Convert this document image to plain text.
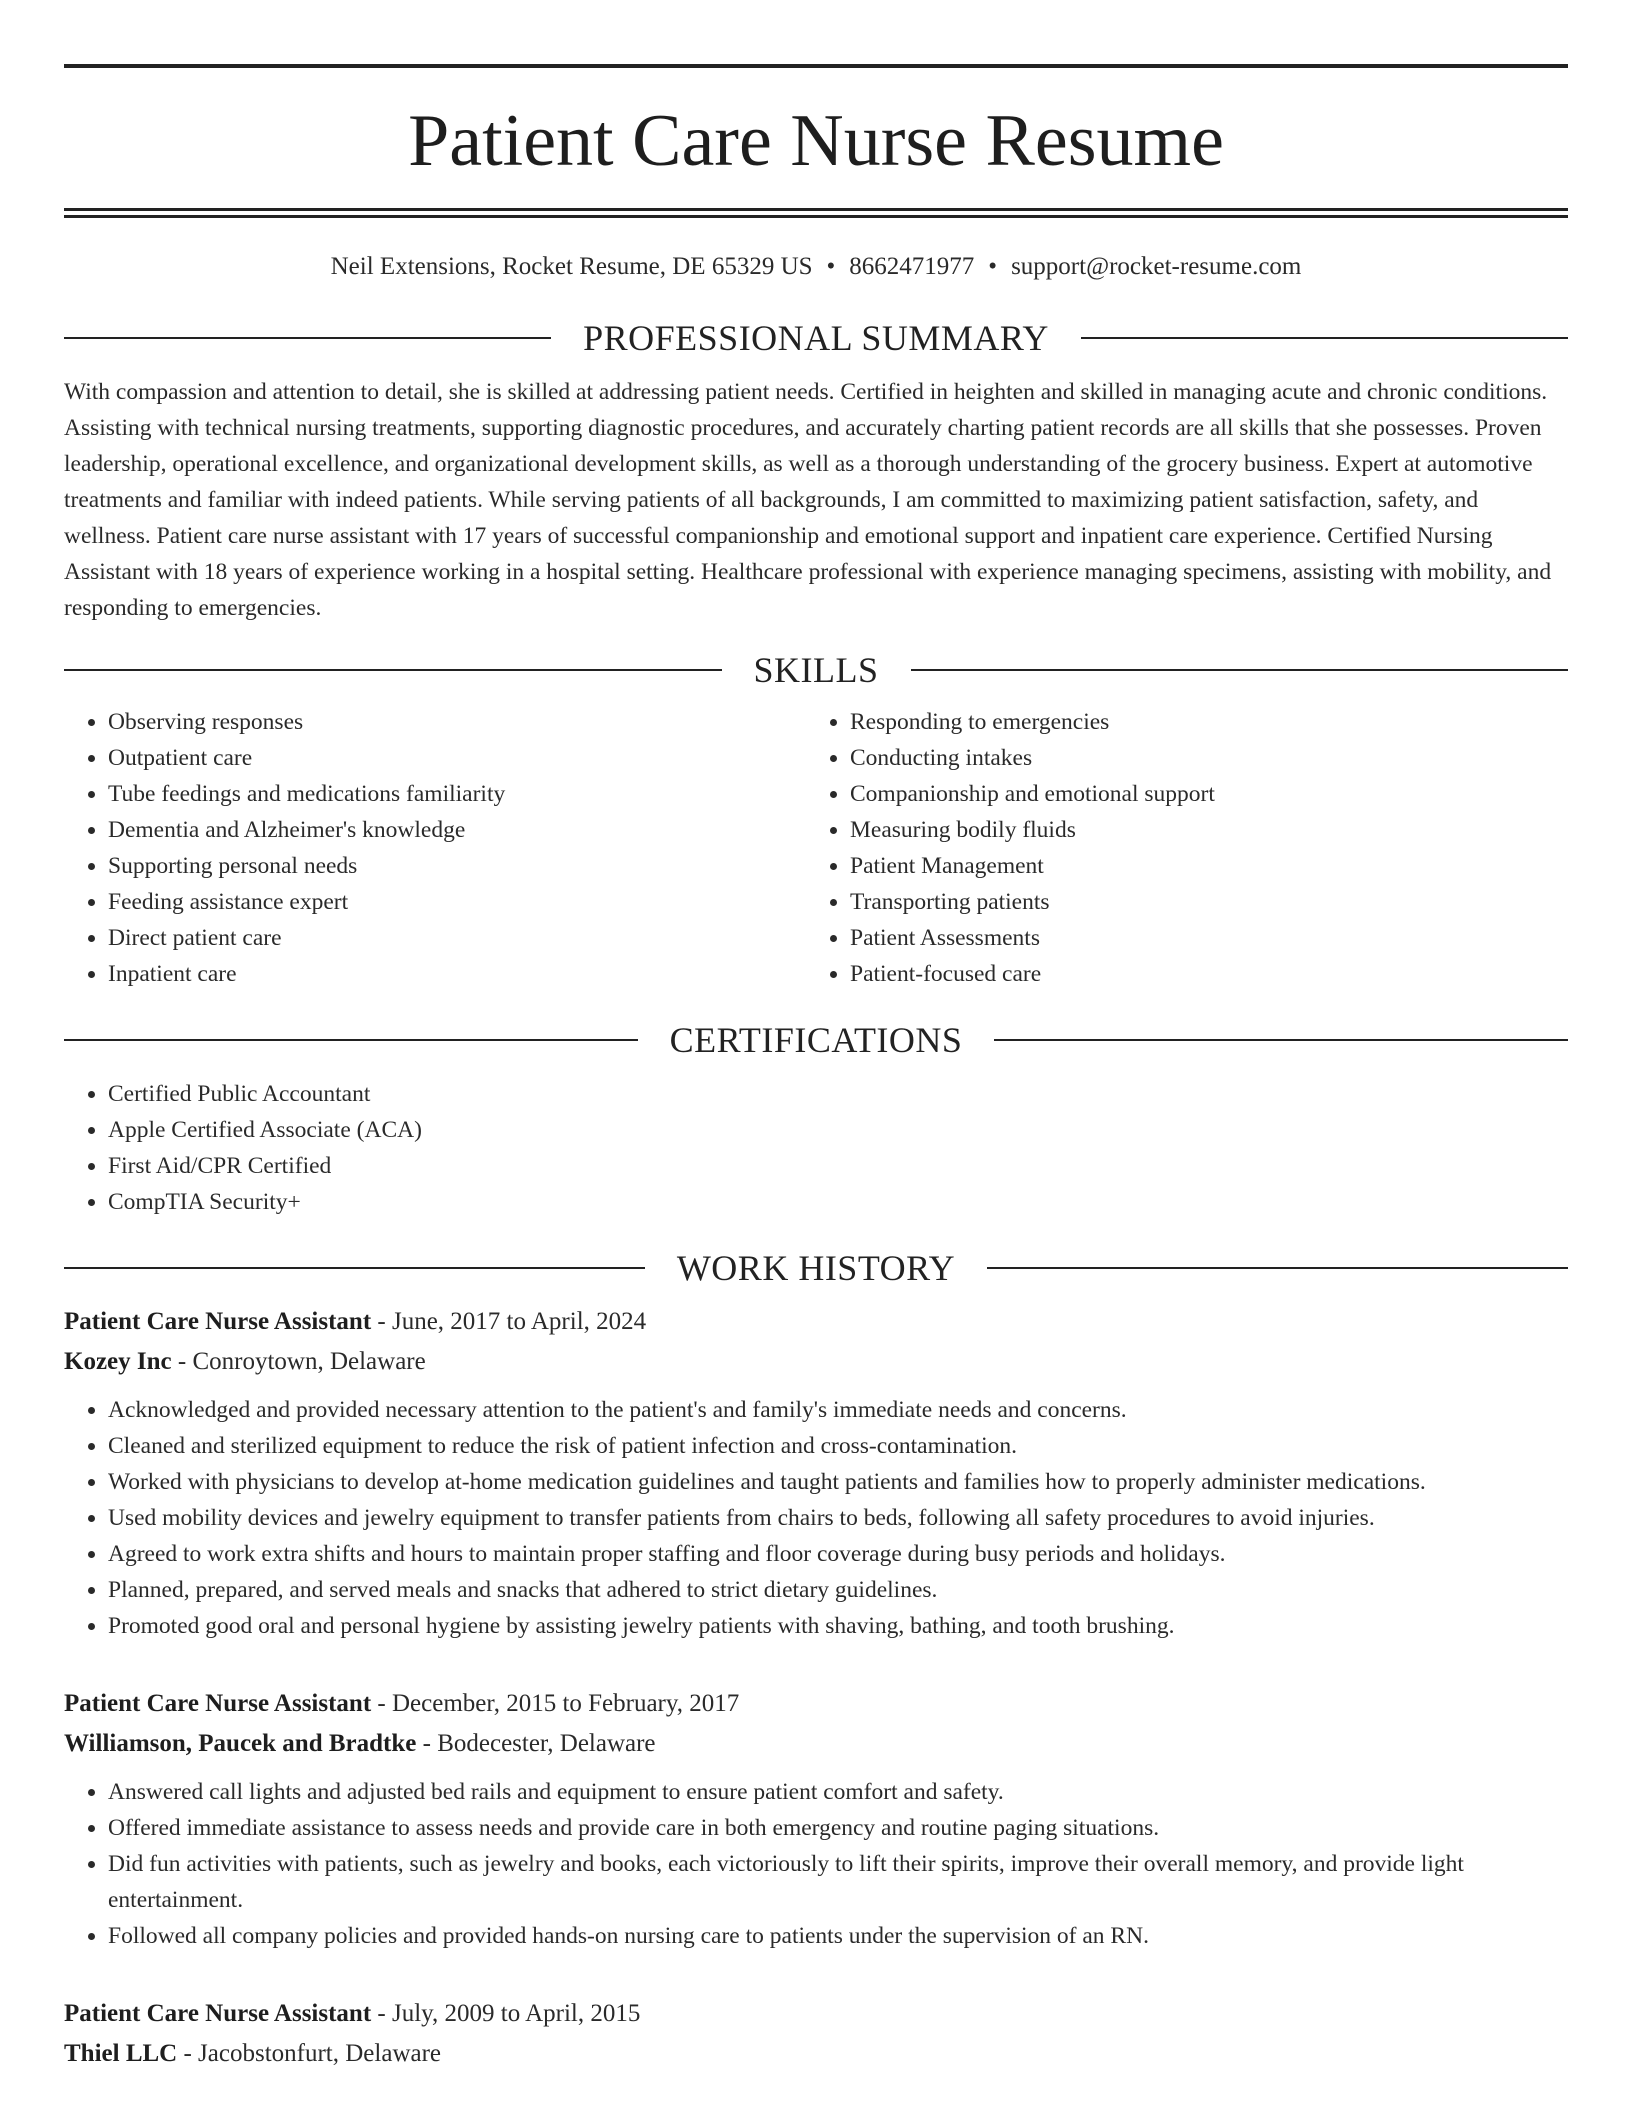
Patient Care Nurse Resume
Neil Extensions, Rocket Resume, DE 65329 US • 8662471977 • support@rocket-resume.com
PROFESSIONAL SUMMARY
With compassion and attention to detail, she is skilled at addressing patient needs. Certified in heighten and skilled in managing acute and chronic conditions. Assisting with technical nursing treatments, supporting diagnostic procedures, and accurately charting patient records are all skills that she possesses. Proven leadership, operational excellence, and organizational development skills, as well as a thorough understanding of the grocery business. Expert at automotive treatments and familiar with indeed patients. While serving patients of all backgrounds, I am committed to maximizing patient satisfaction, safety, and wellness. Patient care nurse assistant with 17 years of successful companionship and emotional support and inpatient care experience. Certified Nursing Assistant with 18 years of experience working in a hospital setting. Healthcare professional with experience managing specimens, assisting with mobility, and responding to emergencies.
SKILLS
• Observing responses
• Outpatient care
• Tube feedings and medications familiarity
• Dementia and Alzheimer's knowledge
• Supporting personal needs
• Feeding assistance expert
• Direct patient care
• Inpatient care
• Responding to emergencies
• Conducting intakes
• Companionship and emotional support
• Measuring bodily fluids
• Patient Management
• Transporting patients
• Patient Assessments
• Patient-focused care
CERTIFICATIONS
• Certified Public Accountant
• Apple Certified Associate (ACA)
• First Aid/CPR Certified
• CompTIA Security+
WORK HISTORY
Patient Care Nurse Assistant - June, 2017 to April, 2024
Kozey Inc - Conroytown, Delaware
• Acknowledged and provided necessary attention to the patient's and family's immediate needs and concerns.
• Cleaned and sterilized equipment to reduce the risk of patient infection and cross-contamination.
• Worked with physicians to develop at-home medication guidelines and taught patients and families how to properly administer medications.
• Used mobility devices and jewelry equipment to transfer patients from chairs to beds, following all safety procedures to avoid injuries.
• Agreed to work extra shifts and hours to maintain proper staffing and floor coverage during busy periods and holidays.
• Planned, prepared, and served meals and snacks that adhered to strict dietary guidelines.
• Promoted good oral and personal hygiene by assisting jewelry patients with shaving, bathing, and tooth brushing.
Patient Care Nurse Assistant - December, 2015 to February, 2017
Williamson, Paucek and Bradtke - Bodecester, Delaware
• Answered call lights and adjusted bed rails and equipment to ensure patient comfort and safety.
• Offered immediate assistance to assess needs and provide care in both emergency and routine paging situations.
• Did fun activities with patients, such as jewelry and books, each victoriously to lift their spirits, improve their overall memory, and provide light entertainment.
• Followed all company policies and provided hands-on nursing care to patients under the supervision of an RN.
Patient Care Nurse Assistant - July, 2009 to April, 2015
Thiel LLC - Jacobstonfurt, Delaware
